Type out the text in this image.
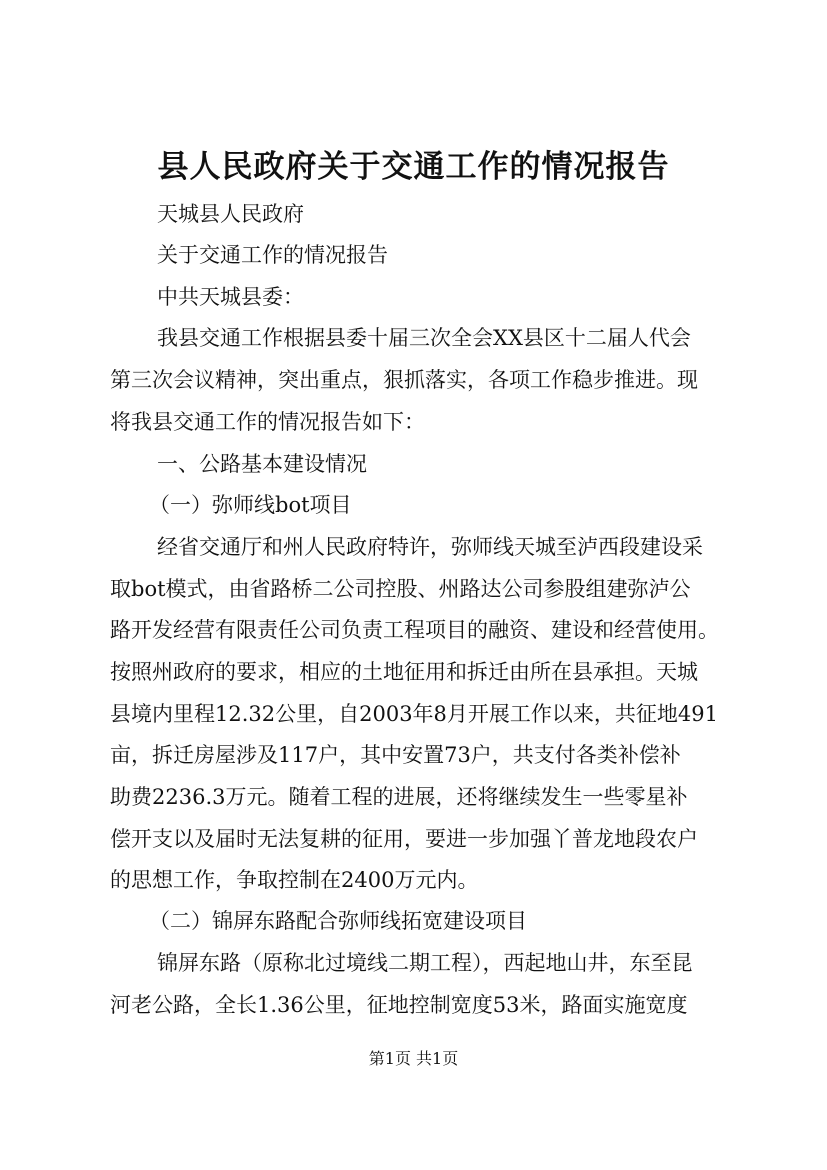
县人民政府关于交通工作的情况报告

天城县人民政府

关于交通工作的情况报告

中共天城县委：

我县交通工作根据县委十届三次全会XX县区十二届人代会

第三次会议精神，突出重点，狠抓落实，各项工作稳步推进。现

将我县交通工作的情况报告如下：

一、公路基本建设情况

（一）弥师线bot项目

经省交通厅和州人民政府特许，弥师线天城至泸西段建设采

取bot模式，由省路桥二公司控股、州路达公司参股组建弥泸公

路开发经营有限责任公司负责工程项目的融资、建设和经营使用。

按照州政府的要求，相应的土地征用和拆迁由所在县承担。天城

县境内里程12.32公里，自2003年8月开展工作以来，共征地491

亩，拆迁房屋涉及117户，其中安置73户，共支付各类补偿补

助费2236.3万元。随着工程的进展，还将继续发生一些零星补

偿开支以及届时无法复耕的征用，要进一步加强丫普龙地段农户

的思想工作，争取控制在2400万元内。

（二）锦屏东路配合弥师线拓宽建设项目

锦屏东路（原称北过境线二期工程），西起地山井，东至昆

河老公路，全长1.36公里，征地控制宽度53米，路面实施宽度

第1页 共1页
